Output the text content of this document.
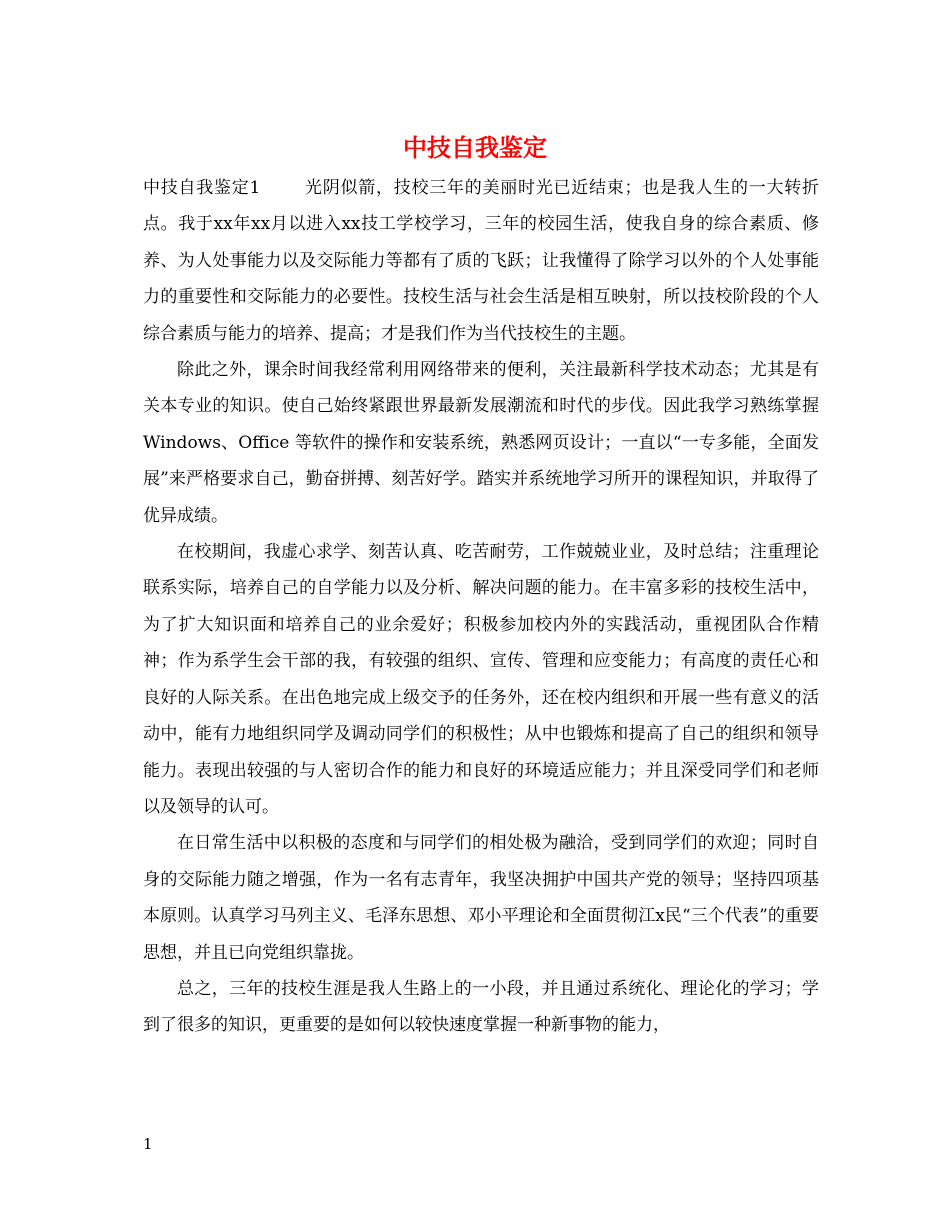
中技自我鉴定

中技自我鉴定1	光阴似箭，技校三年的美丽时光已近结束；也是我人生的一大转折点。我于xx年xx月以进入xx技工学校学习，三年的校园生活，使我自身的综合素质、修养、为人处事能力以及交际能力等都有了质的飞跃；让我懂得了除学习以外的个人处事能力的重要性和交际能力的必要性。技校生活与社会生活是相互映射，所以技校阶段的个人综合素质与能力的培养、提高；才是我们作为当代技校生的主题。

除此之外，课余时间我经常利用网络带来的便利，关注最新科学技术动态；尤其是有关本专业的知识。使自己始终紧跟世界最新发展潮流和时代的步伐。因此我学习熟练掌握Windows、Office 等软件的操作和安装系统，熟悉网页设计；一直以“一专多能，全面发展”来严格要求自己，勤奋拼搏、刻苦好学。踏实并系统地学习所开的课程知识，并取得了优异成绩。

在校期间，我虚心求学、刻苦认真、吃苦耐劳，工作兢兢业业，及时总结；注重理论联系实际，培养自己的自学能力以及分析、解决问题的能力。在丰富多彩的技校生活中，为了扩大知识面和培养自己的业余爱好；积极参加校内外的实践活动，重视团队合作精神；作为系学生会干部的我，有较强的组织、宣传、管理和应变能力；有高度的责任心和良好的人际关系。在出色地完成上级交予的任务外，还在校内组织和开展一些有意义的活动中，能有力地组织同学及调动同学们的积极性；从中也锻炼和提高了自己的组织和领导能力。表现出较强的与人密切合作的能力和良好的环境适应能力；并且深受同学们和老师以及领导的认可。

在日常生活中以积极的态度和与同学们的相处极为融洽，受到同学们的欢迎；同时自身的交际能力随之增强，作为一名有志青年，我坚决拥护中国共产党的领导；坚持四项基本原则。认真学习马列主义、毛泽东思想、邓小平理论和全面贯彻江x民“三个代表”的重要思想，并且已向党组织靠拢。

总之，三年的技校生涯是我人生路上的一小段，并且通过系统化、理论化的学习；学到了很多的知识，更重要的是如何以较快速度掌握一种新事物的能力，

1
